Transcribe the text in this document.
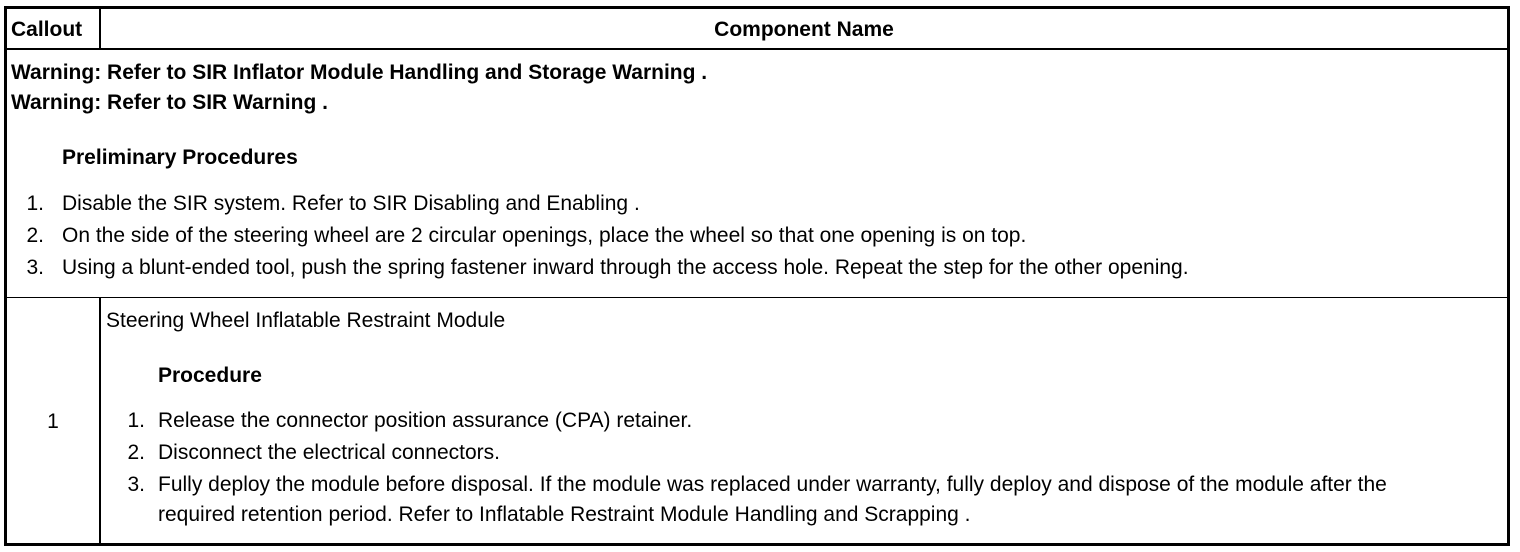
Callout	Component Name
Warning: Refer to SIR Inflator Module Handling and Storage Warning .
Warning: Refer to SIR Warning .
Preliminary Procedures
1. Disable the SIR system. Refer to SIR Disabling and Enabling .
2. On the side of the steering wheel are 2 circular openings, place the wheel so that one opening is on top.
3. Using a blunt-ended tool, push the spring fastener inward through the access hole. Repeat the step for the other opening.
1
Steering Wheel Inflatable Restraint Module
Procedure
1. Release the connector position assurance (CPA) retainer.
2. Disconnect the electrical connectors.
3. Fully deploy the module before disposal. If the module was replaced under warranty, fully deploy and dispose of the module after the required retention period. Refer to Inflatable Restraint Module Handling and Scrapping .
